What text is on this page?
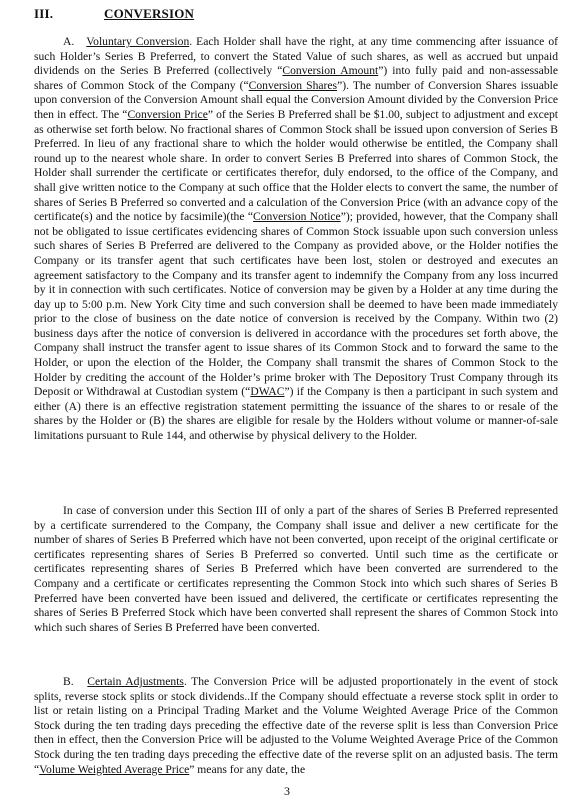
III.	CONVERSION

A. Voluntary Conversion. Each Holder shall have the right, at any time commencing after issuance of such Holder’s Series B Preferred, to convert the Stated Value of such shares, as well as accrued but unpaid dividends on the Series B Preferred (collectively “Conversion Amount”) into fully paid and non-assessable shares of Common Stock of the Company (“Conversion Shares”). The number of Conversion Shares issuable upon conversion of the Conversion Amount shall equal the Conversion Amount divided by the Conversion Price then in effect. The “Conversion Price” of the Series B Preferred shall be $1.00, subject to adjustment and except as otherwise set forth below. No fractional shares of Common Stock shall be issued upon conversion of Series B Preferred. In lieu of any fractional share to which the holder would otherwise be entitled, the Company shall round up to the nearest whole share. In order to convert Series B Preferred into shares of Common Stock, the Holder shall surrender the certificate or certificates therefor, duly endorsed, to the office of the Company, and shall give written notice to the Company at such office that the Holder elects to convert the same, the number of shares of Series B Preferred so converted and a calculation of the Conversion Price (with an advance copy of the certificate(s) and the notice by facsimile)(the “Conversion Notice”); provided, however, that the Company shall not be obligated to issue certificates evidencing shares of Common Stock issuable upon such conversion unless such shares of Series B Preferred are delivered to the Company as provided above, or the Holder notifies the Company or its transfer agent that such certificates have been lost, stolen or destroyed and executes an agreement satisfactory to the Company and its transfer agent to indemnify the Company from any loss incurred by it in connection with such certificates. Notice of conversion may be given by a Holder at any time during the day up to 5:00 p.m. New York City time and such conversion shall be deemed to have been made immediately prior to the close of business on the date notice of conversion is received by the Company. Within two (2) business days after the notice of conversion is delivered in accordance with the procedures set forth above, the Company shall instruct the transfer agent to issue shares of its Common Stock and to forward the same to the Holder, or upon the election of the Holder, the Company shall transmit the shares of Common Stock to the Holder by crediting the account of the Holder’s prime broker with The Depository Trust Company through its Deposit or Withdrawal at Custodian system (“DWAC”) if the Company is then a participant in such system and either (A) there is an effective registration statement permitting the issuance of the shares to or resale of the shares by the Holder or (B) the shares are eligible for resale by the Holders without volume or manner-of-sale limitations pursuant to Rule 144, and otherwise by physical delivery to the Holder.

In case of conversion under this Section III of only a part of the shares of Series B Preferred represented by a certificate surrendered to the Company, the Company shall issue and deliver a new certificate for the number of shares of Series B Preferred which have not been converted, upon receipt of the original certificate or certificates representing shares of Series B Preferred so converted. Until such time as the certificate or certificates representing shares of Series B Preferred which have been converted are surrendered to the Company and a certificate or certificates representing the Common Stock into which such shares of Series B Preferred have been converted have been issued and delivered, the certificate or certificates representing the shares of Series B Preferred Stock which have been converted shall represent the shares of Common Stock into which such shares of Series B Preferred have been converted.

B. Certain Adjustments. The Conversion Price will be adjusted proportionately in the event of stock splits, reverse stock splits or stock dividends..If the Company should effectuate a reverse stock split in order to list or retain listing on a Principal Trading Market and the Volume Weighted Average Price of the Common Stock during the ten trading days preceding the effective date of the reverse split is less than Conversion Price then in effect, then the Conversion Price will be adjusted to the Volume Weighted Average Price of the Common Stock during the ten trading days preceding the effective date of the reverse split on an adjusted basis. The term “Volume Weighted Average Price” means for any date, the

3
